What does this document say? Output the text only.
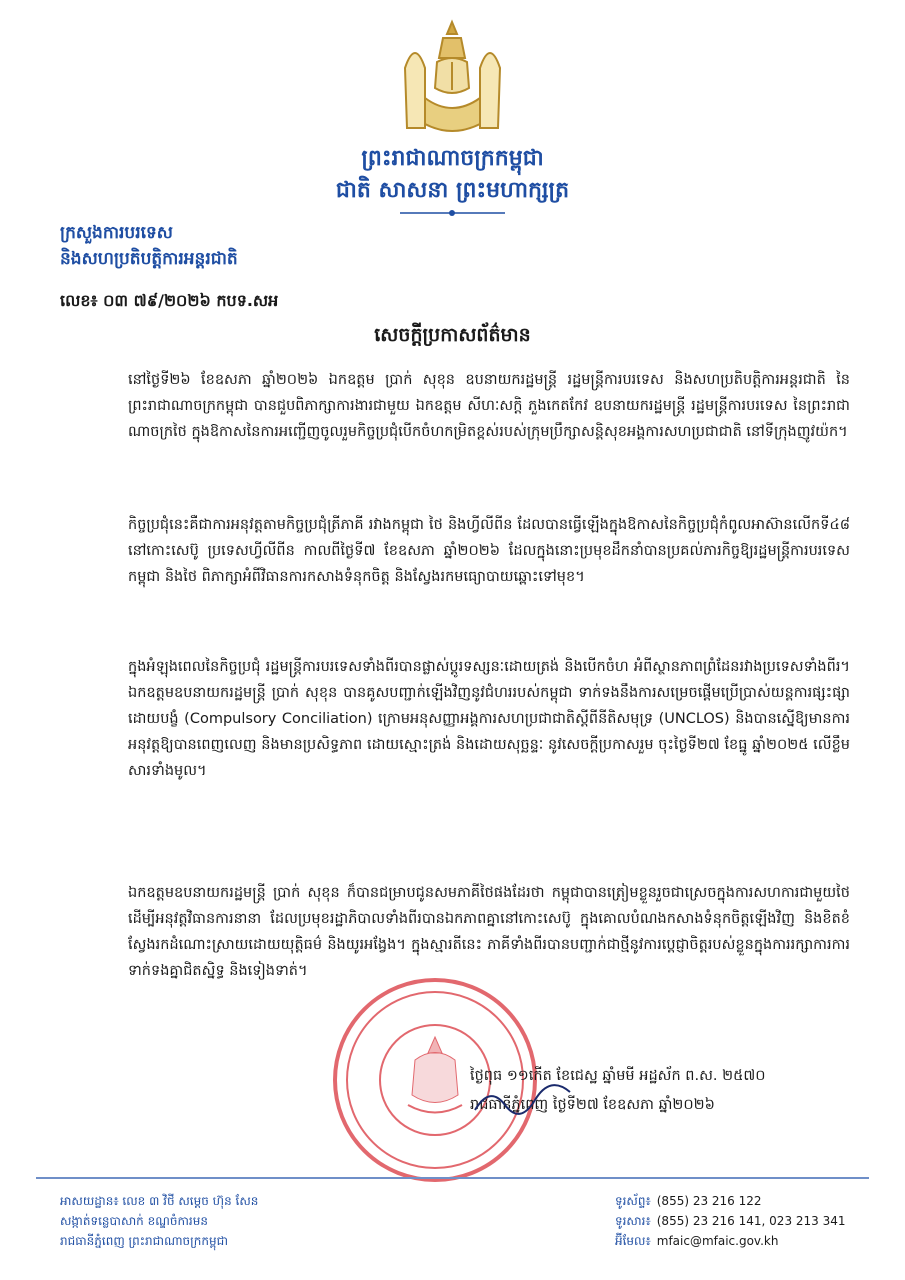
ព្រះរាជាណាចក្រកម្ពុជា
ជាតិ សាសនា ព្រះមហាក្សត្រ
ក្រសួងការបរទេស
និងសហប្រតិបត្តិការអន្តរជាតិ
លេខ៖ ០៣ ៧៩/២០២៦ កបទ.សអ
សេចក្តីប្រកាសព័ត៌មាន
នៅថ្ងៃទី២៦ ខែឧសភា ឆ្នាំ២០២៦ ឯកឧត្តម ប្រាក់ សុខុន ឧបនាយករដ្ឋមន្ត្រី រដ្ឋមន្ត្រីការបរទេស និងសហប្រតិបត្តិការអន្តរជាតិ នៃព្រះរាជាណាចក្រកម្ពុជា បានជួបពិភាក្សាការងារជាមួយ ឯកឧត្តម សីហៈសក្តិ ភួងកេតកែវ ឧបនាយករដ្ឋមន្ត្រី រដ្ឋមន្ត្រីការបរទេស នៃព្រះរាជាណាចក្រថៃ ក្នុងឱកាសនៃការអញ្ជើញចូលរួមកិច្ចប្រជុំបើកចំហកម្រិតខ្ពស់របស់ក្រុមប្រឹក្សាសន្តិសុខអង្គការសហប្រជាជាតិ នៅទីក្រុងញូវយ៉ក។
កិច្ចប្រជុំនេះគឺជាការអនុវត្តតាមកិច្ចប្រជុំត្រីភាគី រវាងកម្ពុជា ថៃ និងហ្វីលីពីន ដែលបានធ្វើឡើងក្នុងឱកាសនៃកិច្ចប្រជុំកំពូលអាស៊ានលើកទី៤៨ នៅកោះសេប៊ូ ប្រទេសហ្វីលីពីន កាលពីថ្ងៃទី៧ ខែឧសភា ឆ្នាំ២០២៦ ដែលក្នុងនោះប្រមុខដឹកនាំបានប្រគល់ភារកិច្ចឱ្យរដ្ឋមន្ត្រីការបរទេសកម្ពុជា និងថៃ ពិភាក្សាអំពីវិធានការកសាងទំនុកចិត្ត និងស្វែងរកមធ្យោបាយឆ្ពោះទៅមុខ។
ក្នុងអំឡុងពេលនៃកិច្ចប្រជុំ រដ្ឋមន្ត្រីការបរទេសទាំងពីរបានផ្លាស់ប្តូរទស្សនៈដោយត្រង់ និងបើកចំហ អំពីស្ថានភាពព្រំដែនរវាងប្រទេសទាំងពីរ។ ឯកឧត្តមឧបនាយករដ្ឋមន្ត្រី ប្រាក់ សុខុន បានគូសបញ្ជាក់ឡើងវិញនូវជំហររបស់កម្ពុជា ទាក់ទងនឹងការសម្រេចផ្តើមប្រើប្រាស់យន្តការផ្សះផ្សាដោយបង្ខំ (Compulsory Conciliation) ក្រោមអនុសញ្ញាអង្គការសហប្រជាជាតិស្តីពីនីតិសមុទ្រ (UNCLOS) និងបានស្នើឱ្យមានការអនុវត្តឱ្យបានពេញលេញ និងមានប្រសិទ្ធភាព ដោយស្មោះត្រង់ និងដោយសុច្ឆន្ទៈ នូវសេចក្តីប្រកាសរួម ចុះថ្ងៃទី២៧ ខែធ្នូ ឆ្នាំ២០២៥ លើខ្លឹមសារទាំងមូល។
ឯកឧត្តមឧបនាយករដ្ឋមន្ត្រី ប្រាក់ សុខុន ក៏បានជម្រាបជូនសមភាគីថៃផងដែរថា កម្ពុជាបានត្រៀមខ្លួនរួចជាស្រេចក្នុងការសហការជាមួយថៃ ដើម្បីអនុវត្តវិធានការនានា ដែលប្រមុខរដ្ឋាភិបាលទាំងពីរបានឯកភាពគ្នានៅកោះសេប៊ូ ក្នុងគោលបំណងកសាងទំនុកចិត្តឡើងវិញ និងខិតខំស្វែងរកដំណោះស្រាយដោយយុត្តិធម៌ និងយូរអង្វែង។ ក្នុងស្មារតីនេះ ភាគីទាំងពីរបានបញ្ជាក់ជាថ្មីនូវការប្តេជ្ញាចិត្តរបស់ខ្លួនក្នុងការរក្សាការការទាក់ទងគ្នាជិតស្និទ្ធ និងទៀងទាត់។
ថ្ងៃពុធ ១១កើត ខែជេស្ឋ ឆ្នាំមមី អដ្ឋស័ក ព.ស. ២៥៧០
រាជធានីភ្នំពេញ ថ្ងៃទី២៧ ខែឧសភា ឆ្នាំ២០២៦
អាសយដ្ឋាន៖ លេខ ៣ វិថី សម្តេច ហ៊ុន សែន
សង្កាត់ទន្លេបាសាក់ ខណ្ឌចំការមន
រាជធានីភ្នំពេញ ព្រះរាជាណាចក្រកម្ពុជា
ទូរស័ព្ទ៖ (855) 23 216 122
ទូរសារ៖ (855) 23 216 141, 023 213 341
អ៊ីមែល៖ mfaic@mfaic.gov.kh
